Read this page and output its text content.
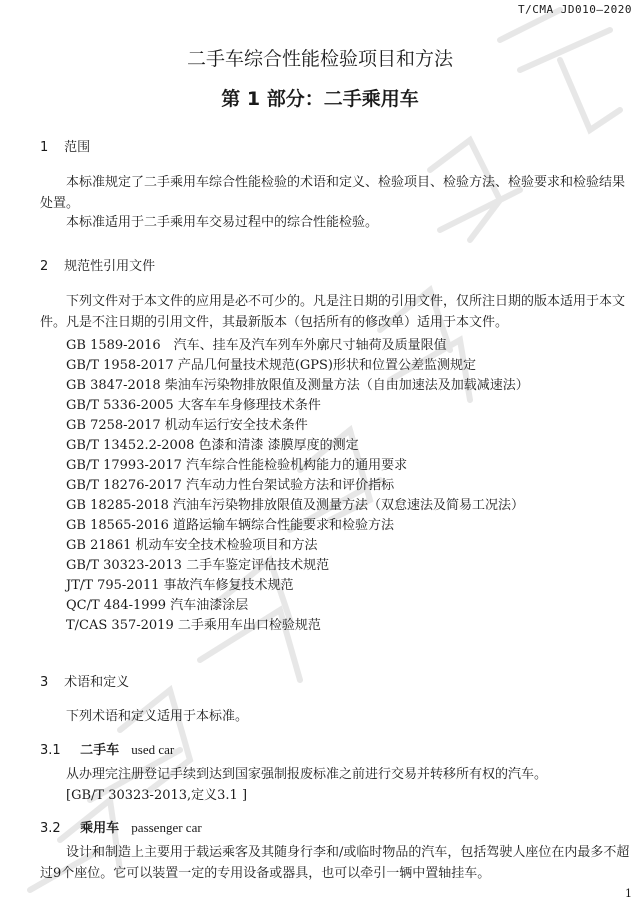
T/CMA JD010—2020
二手车综合性能检验项目和方法
第 1 部分：二手乘用车
1 范围
本标准规定了二手乘用车综合性能检验的术语和定义、检验项目、检验方法、检验要求和检验结果处置。
本标准适用于二手乘用车交易过程中的综合性能检验。
2 规范性引用文件
下列文件对于本文件的应用是必不可少的。凡是注日期的引用文件，仅所注日期的版本适用于本文件。凡是不注日期的引用文件，其最新版本（包括所有的修改单）适用于本文件。
GB 1589-2016　汽车、挂车及汽车列车外廓尺寸轴荷及质量限值
GB/T 1958-2017 产品几何量技术规范(GPS)形状和位置公差监测规定
GB 3847-2018 柴油车污染物排放限值及测量方法（自由加速法及加载减速法）
GB/T 5336-2005 大客车车身修理技术条件
GB 7258-2017 机动车运行安全技术条件
GB/T 13452.2-2008 色漆和清漆 漆膜厚度的测定
GB/T 17993-2017 汽车综合性能检验机构能力的通用要求
GB/T 18276-2017 汽车动力性台架试验方法和评价指标
GB 18285-2018 汽油车污染物排放限值及测量方法（双怠速法及简易工况法）
GB 18565-2016 道路运输车辆综合性能要求和检验方法
GB 21861 机动车安全技术检验项目和方法
GB/T 30323-2013 二手车鉴定评估技术规范
JT/T 795-2011 事故汽车修复技术规范
QC/T 484-1999 汽车油漆涂层
T/CAS 357-2019 二手乘用车出口检验规范
3 术语和定义
下列术语和定义适用于本标准。
3.1 二手车 used car
从办理完注册登记手续到达到国家强制报废标准之前进行交易并转移所有权的汽车。
[GB/T 30323-2013,定义3.1 ]
3.2 乘用车 passenger car
设计和制造上主要用于载运乘客及其随身行李和/或临时物品的汽车，包括驾驶人座位在内最多不超过9个座位。它可以装置一定的专用设备或器具，也可以牵引一辆中置轴挂车。
1
